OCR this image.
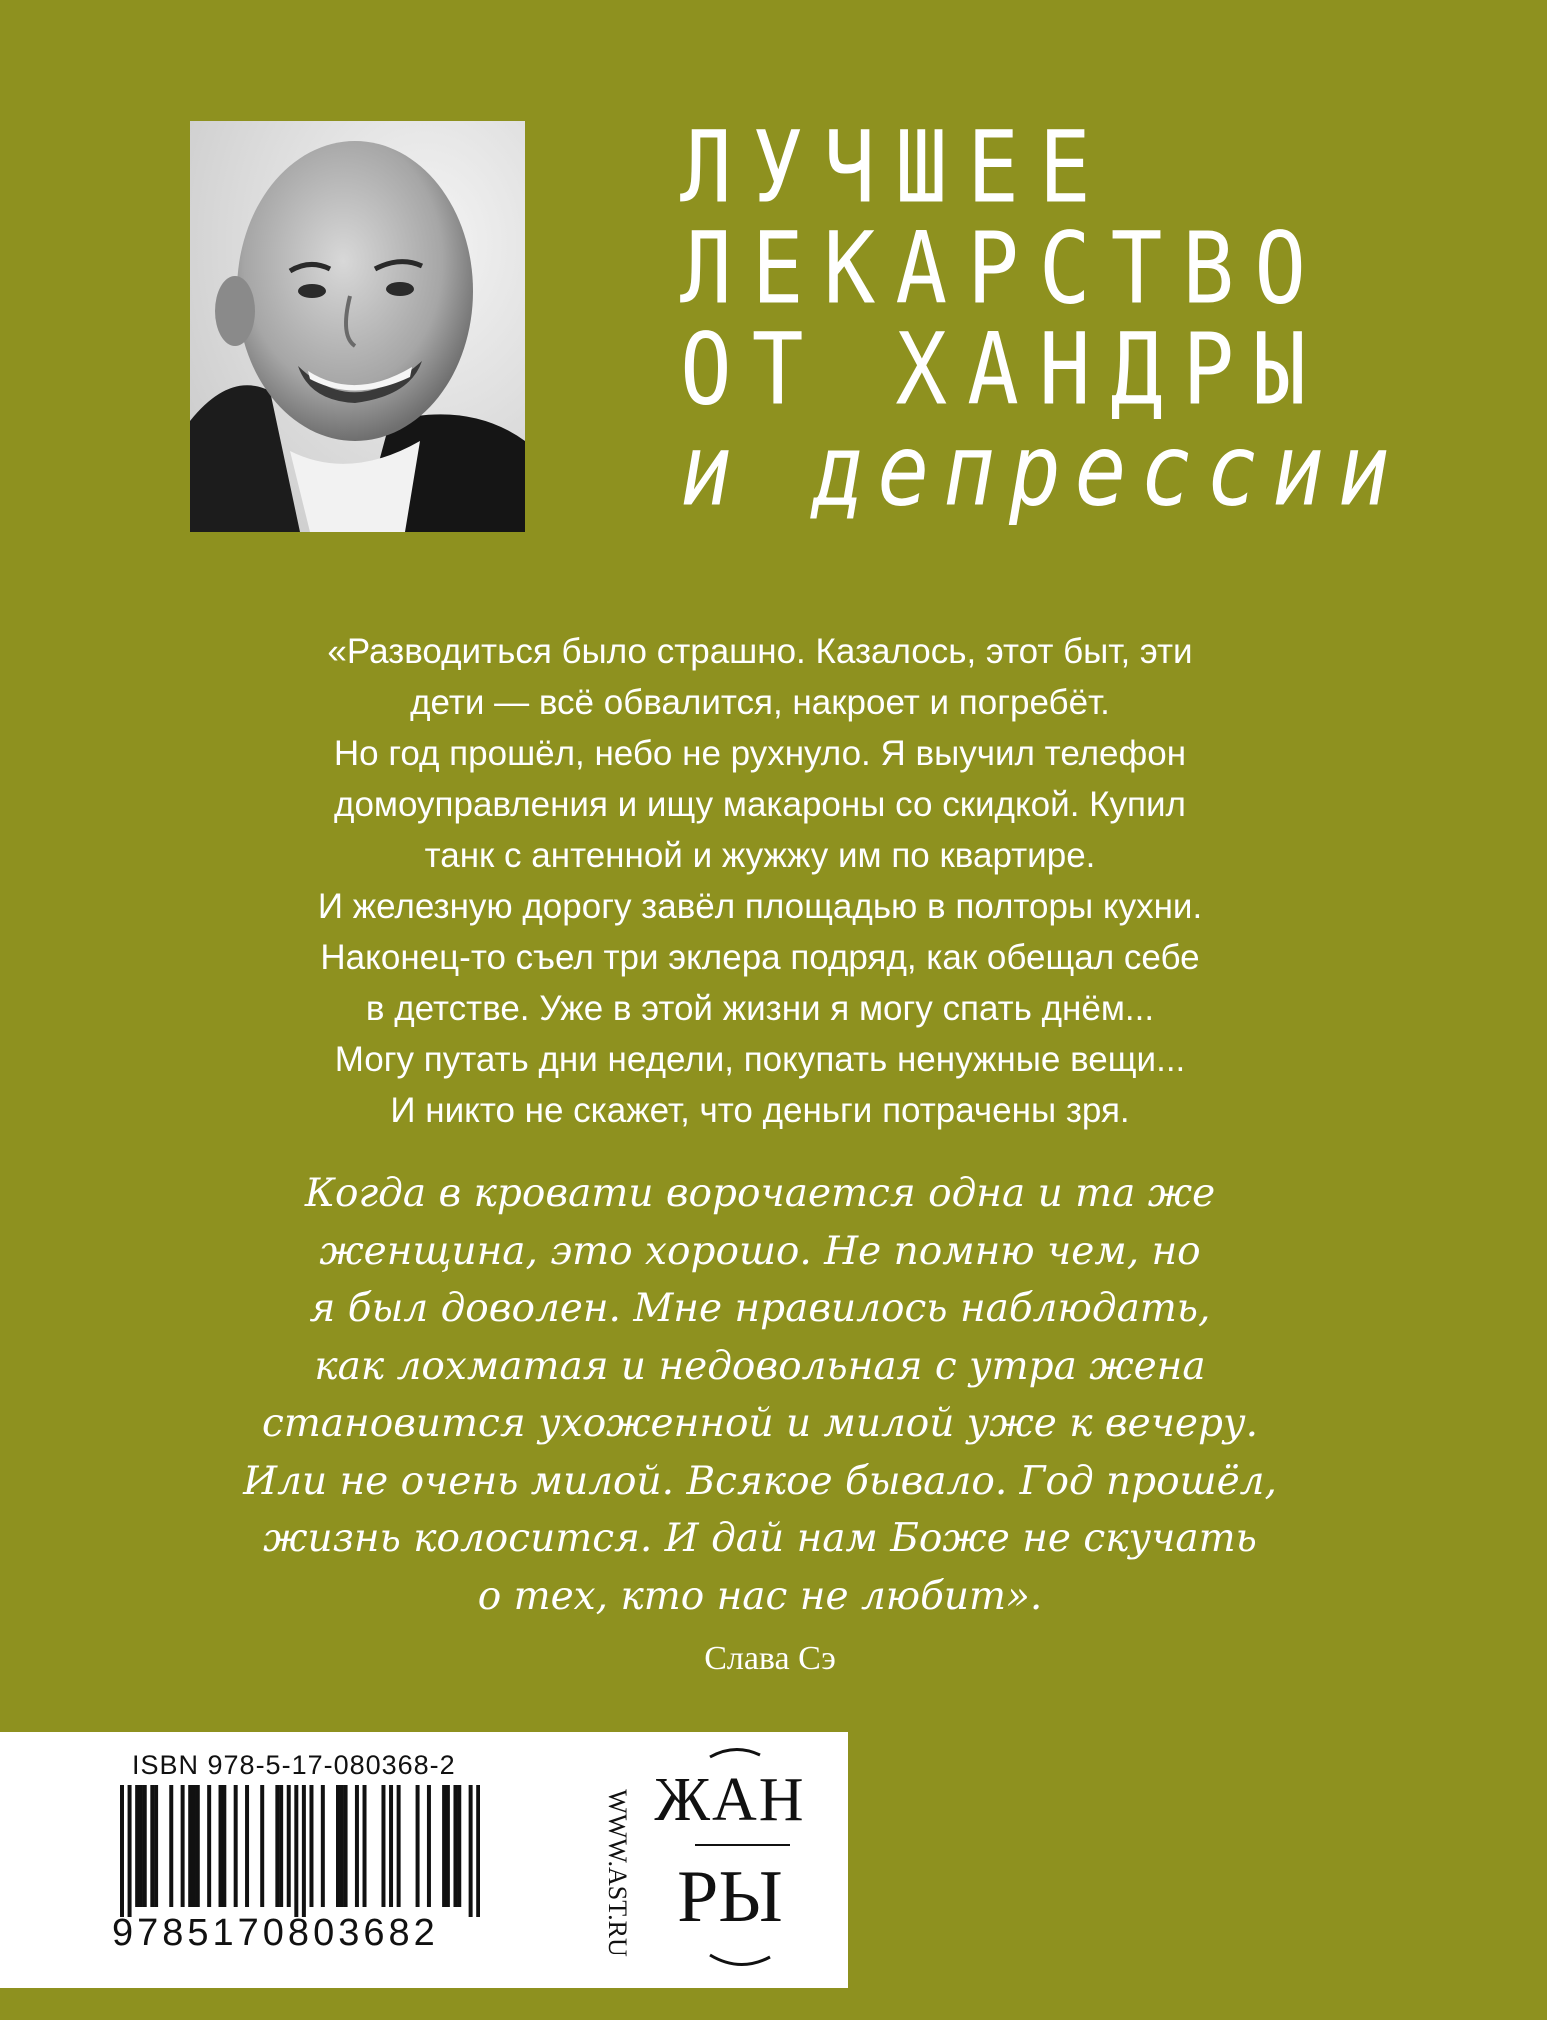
ЛУЧШЕЕ
ЛЕКАРСТВО
ОТ ХАНДРЫ
и депрессии
«Разводиться было страшно. Казалось, этот быт, эти
дети — всё обвалится, накроет и погребёт.
Но год прошёл, небо не рухнуло. Я выучил телефон
домоуправления и ищу макароны со скидкой. Купил
танк с антенной и жужжу им по квартире.
И железную дорогу завёл площадью в полторы кухни.
Наконец-то съел три эклера подряд, как обещал себе
в детстве. Уже в этой жизни я могу спать днём...
Могу путать дни недели, покупать ненужные вещи...
И никто не скажет, что деньги потрачены зря.
Когда в кровати ворочается одна и та же
женщина, это хорошо. Не помню чем, но
я был доволен. Мне нравилось наблюдать,
как лохматая и недовольная с утра жена
становится ухоженной и милой уже к вечеру.
Или не очень милой. Всякое бывало. Год прошёл,
жизнь колосится. И дай нам Боже не скучать
о тех, кто нас не любит».
Слава Сэ
ISBN 978-5-17-080368-2
9785170803682	WWW.AST.RU ЖАН
РЫ
